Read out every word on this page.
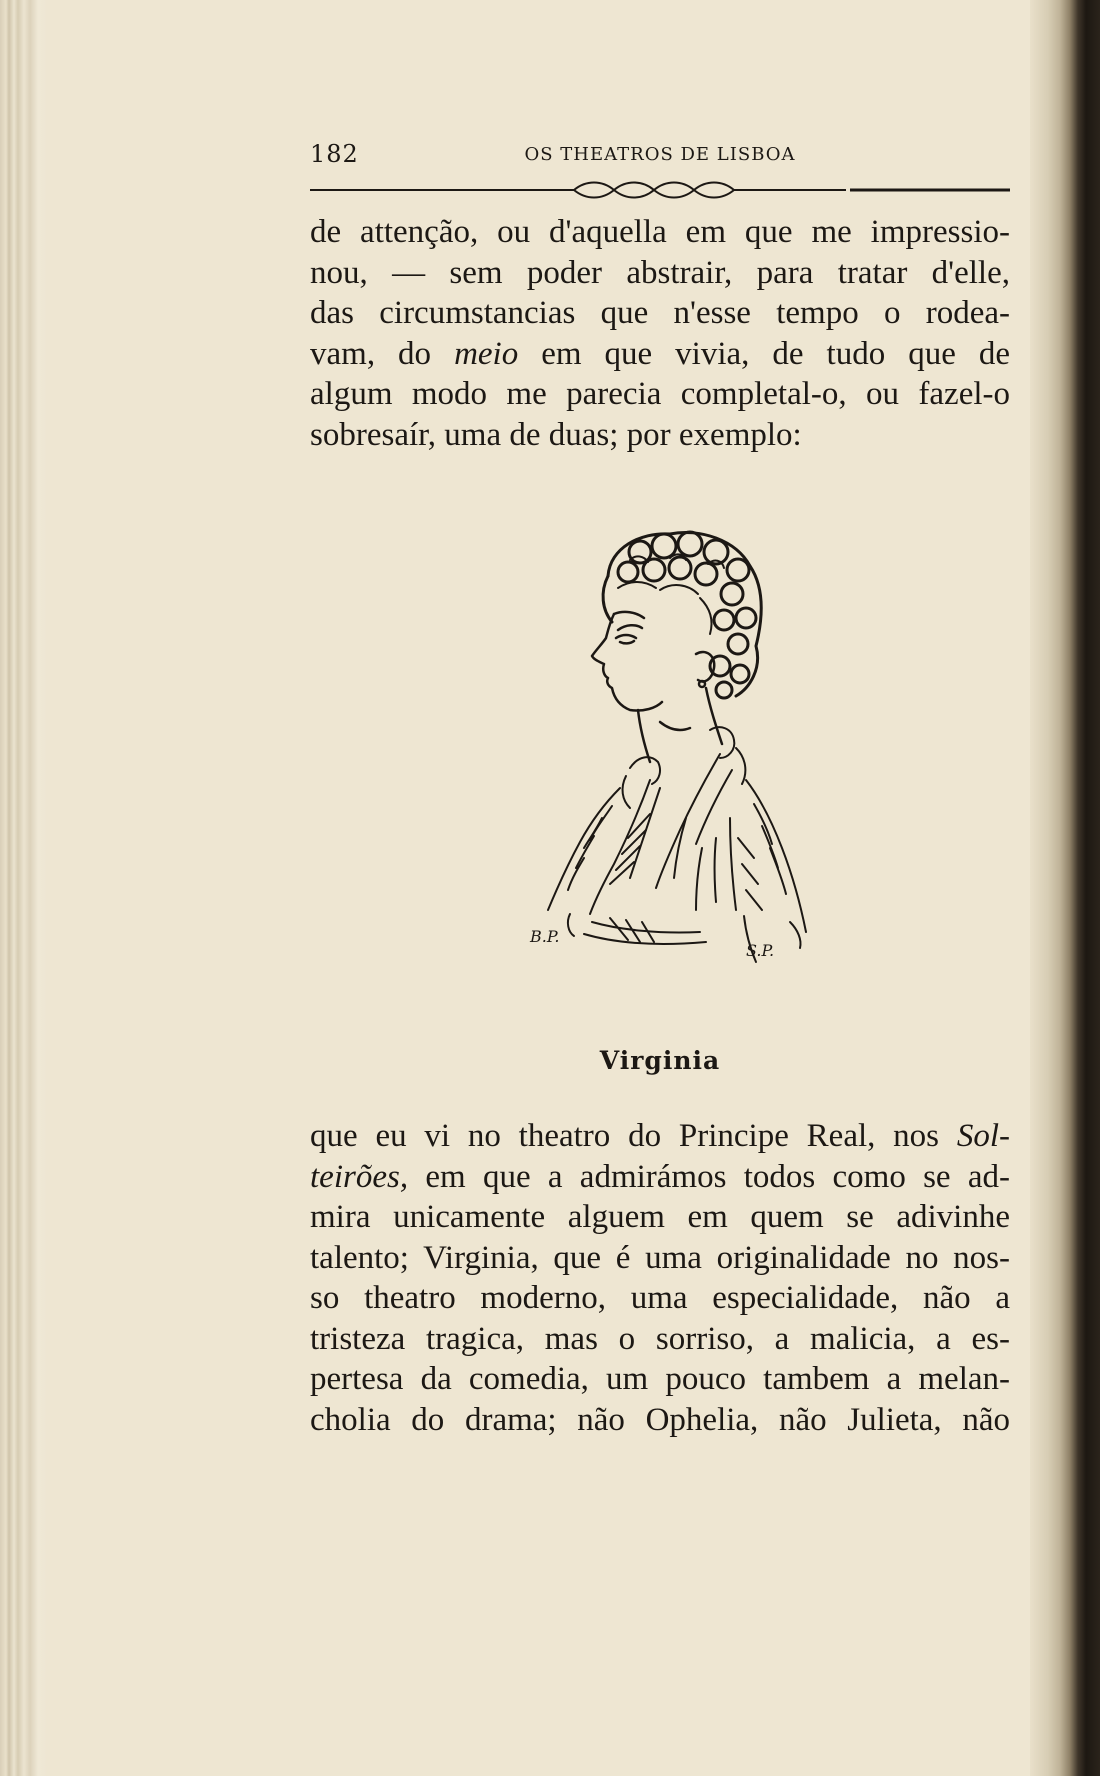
182	OS THEATROS DE LISBOA
de attenção, ou d'aquella em que me impressio-
nou, — sem poder abstrair, para tratar d'elle,
das circumstancias que n'esse tempo o rodea-
vam, do meio em que vivia, de tudo que de
algum modo me parecia completal-o, ou fazel-o
sobresaír, uma de duas; por exemplo:
B.P.
S.P.
Virginia
que eu vi no theatro do Principe Real, nos Sol-
teirões, em que a admirámos todos como se ad-
mira unicamente alguem em quem se adivinhe
talento; Virginia, que é uma originalidade no nos-
so theatro moderno, uma especialidade, não a
tristeza tragica, mas o sorriso, a malicia, a es-
pertesa da comedia, um pouco tambem a melan-
cholia do drama; não Ophelia, não Julieta, não
